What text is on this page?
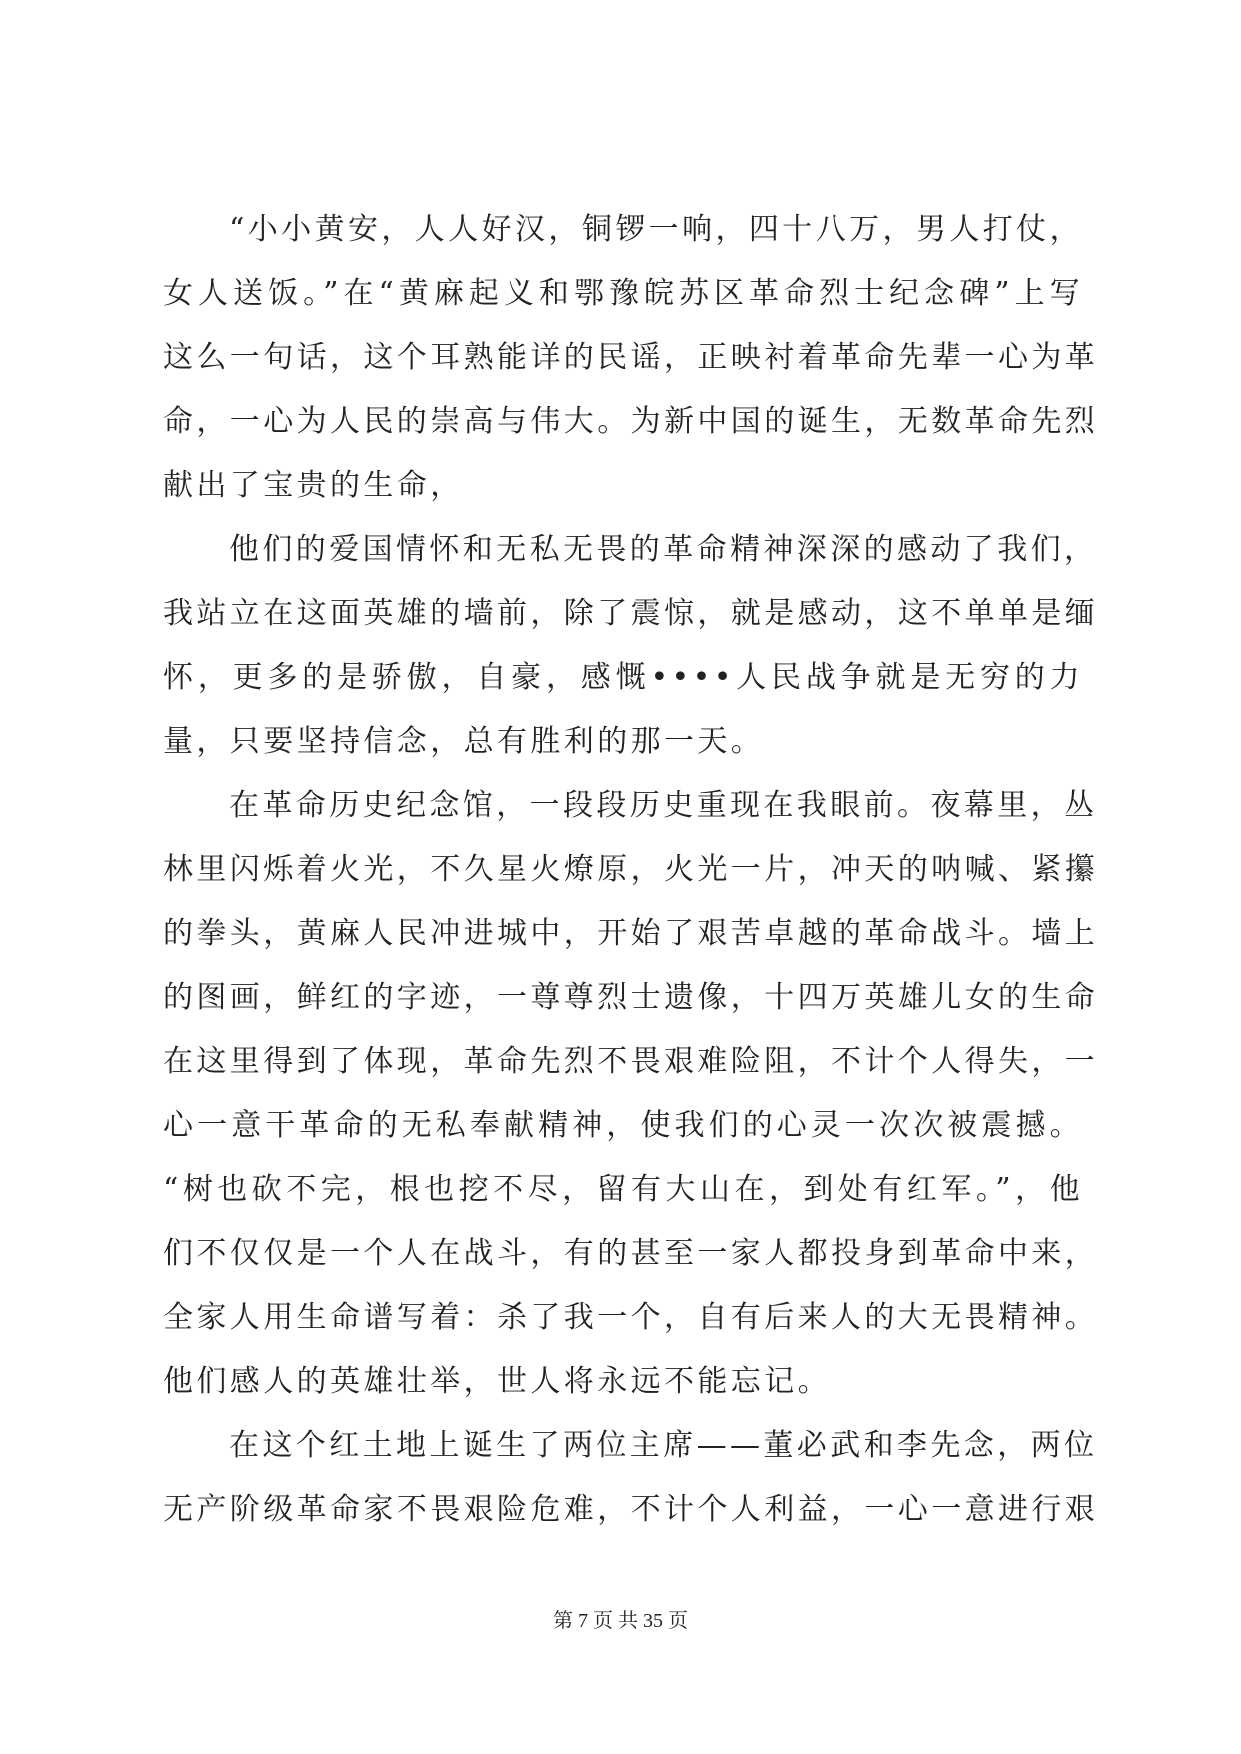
“小小黄安，人人好汉，铜锣一响，四十八万，男人打仗，
女人送饭。”在“黄麻起义和鄂豫皖苏区革命烈士纪念碑”上写
这么一句话，这个耳熟能详的民谣，正映衬着革命先辈一心为革
命，一心为人民的崇高与伟大。为新中国的诞生，无数革命先烈
献出了宝贵的生命，
他们的爱国情怀和无私无畏的革命精神深深的感动了我们，
我站立在这面英雄的墙前，除了震惊，就是感动，这不单单是缅
怀，更多的是骄傲，自豪，感慨••••人民战争就是无穷的力
量，只要坚持信念，总有胜利的那一天。
在革命历史纪念馆，一段段历史重现在我眼前。夜幕里，丛
林里闪烁着火光，不久星火燎原，火光一片，冲天的呐喊、紧攥
的拳头，黄麻人民冲进城中，开始了艰苦卓越的革命战斗。墙上
的图画，鲜红的字迹，一尊尊烈士遗像，十四万英雄儿女的生命
在这里得到了体现，革命先烈不畏艰难险阻，不计个人得失，一
心一意干革命的无私奉献精神，使我们的心灵一次次被震撼。
“树也砍不完，根也挖不尽，留有大山在，到处有红军。”，他
们不仅仅是一个人在战斗，有的甚至一家人都投身到革命中来，
全家人用生命谱写着：杀了我一个，自有后来人的大无畏精神。
他们感人的英雄壮举，世人将永远不能忘记。
在这个红土地上诞生了两位主席——董必武和李先念，两位
无产阶级革命家不畏艰险危难，不计个人利益，一心一意进行艰
第 7 页 共 35 页
